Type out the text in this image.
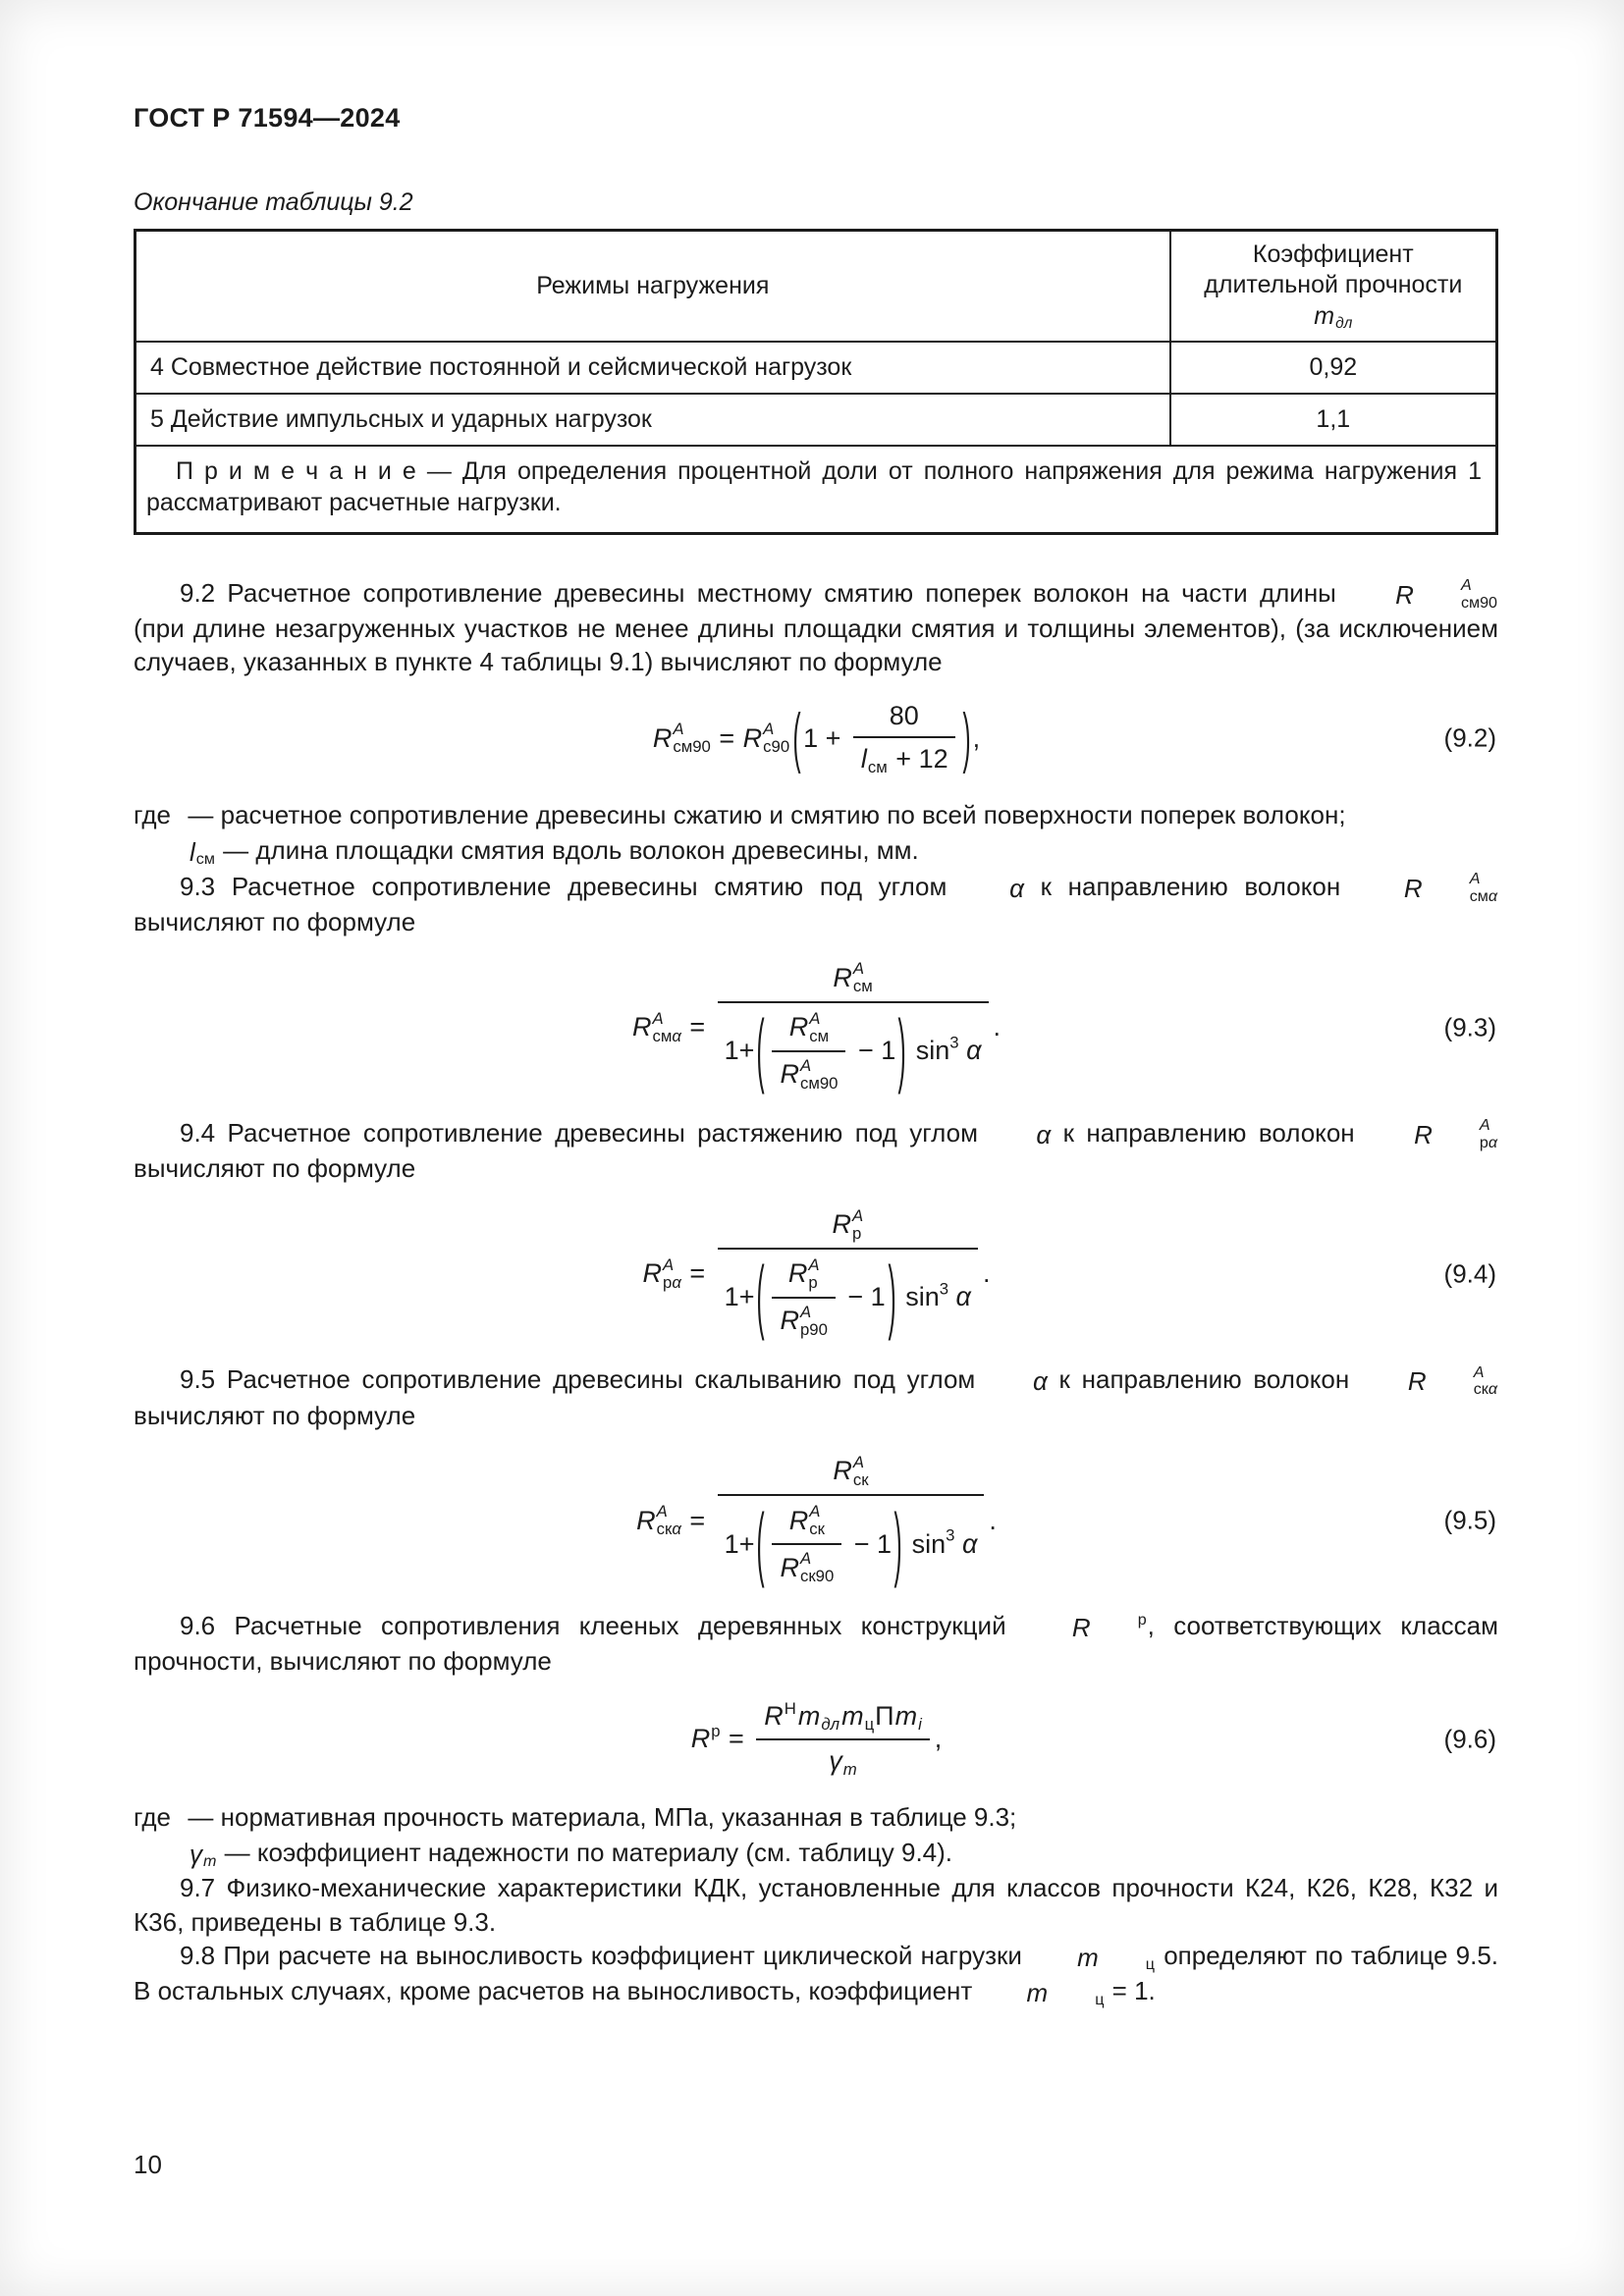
ГОСТ Р 71594—2024
Окончание таблицы 9.2
Режимы нагружения	Коэффициент длительной прочности
m дл

4 Совместное действие постоянной и сейсмической нагрузок	0,92
5 Действие импульсных и ударных нагрузок	1,1

П р и м е ч а н и е — Для определения процентной доли от полного напряжения для режима нагружения 1 рассматривают расчетные нагрузки.	

9.2 Расчетное сопротивление древесины местному смятию поперек волокон на части длины	R	A
см90
(при длине незагруженных участков не менее длины площадки смятия и толщины элементов), (за исключением случаев, указанных в пункте 4 таблицы 9.1) вычисляют по формуле

R A
см90 = R A
с90 ( 1 +
80
l см + 12 ) ,	(9.2)

где
— расчетное сопротивление древесины сжатию и смятию по всей поверхности поперек волокон;

l см — длина площадки смятия вдоль волокон древесины, мм.

9.3 Расчетное сопротивление древесины смятию под углом	α к направлению волокон	R	A
смα
вычисляют по формуле

R A
смα =
R A
см
1+ ( R A
см
R A
см90
− 1 ) sin 3
α
.	(9.3)

9.4 Расчетное сопротивление древесины растяжению под углом	α к направлению волокон	R	A
рα
вычисляют по формуле

R A
рα =
R A
р
1+ ( R A
р
R A
р90
− 1 ) sin 3
α
.	(9.4)

9.5 Расчетное сопротивление древесины скалыванию под углом	α к направлению волокон	R	A
скα
вычисляют по формуле

R A
скα =
R A
ск
1+ ( R A
ск
R A
ск90
− 1 ) sin 3
α
.	(9.5)

9.6 Расчетные сопротивления клееных деревянных конструкций	R	р , соответствующих классам прочности, вычисляют по формуле

R р =
R Н m дл m ц П m i
γ m
,	(9.6)

где
— нормативная прочность материала, МПа, указанная в таблице 9.3;

γ m — коэффициент надежности по материалу (см. таблицу 9.4).

9.7 Физико-механические характеристики КДК, установленные для классов прочности К24, К26, К28, К32 и К36, приведены в таблице 9.3.

9.8 При расчете на выносливость коэффициент циклической нагрузки	m	ц определяют по таблице 9.5. В остальных случаях, кроме расчетов на выносливость, коэффициент	m	ц = 1.

10
